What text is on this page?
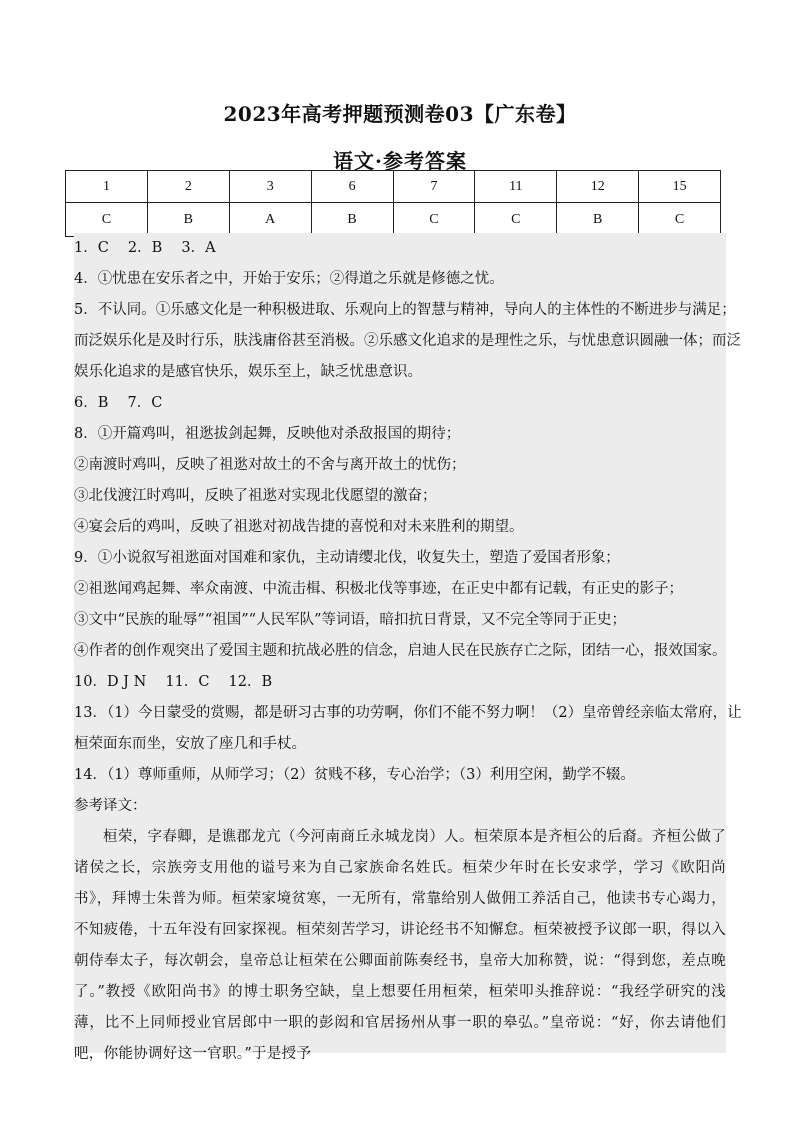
2023年高考押题预测卷03【广东卷】
语文·参考答案
1	2	3	6	7	11	12	15
C	B	A	B	C	C	B	C
1．C　 2．B　 3．A
4．①忧患在安乐者之中，开始于安乐；②得道之乐就是修德之忧。
5．不认同。①乐感文化是一种积极进取、乐观向上的智慧与精神，导向人的主体性的不断进步与满足；
而泛娱乐化是及时行乐，肤浅庸俗甚至消极。②乐感文化追求的是理性之乐，与忧患意识圆融一体；而泛
娱乐化追求的是感官快乐，娱乐至上，缺乏忧患意识。
6．B　 7．C
8．①开篇鸡叫，祖逖拔剑起舞，反映他对杀敌报国的期待；
②南渡时鸡叫，反映了祖逖对故土的不舍与离开故土的忧伤；
③北伐渡江时鸡叫，反映了祖逖对实现北伐愿望的激奋；
④宴会后的鸡叫，反映了祖逖对初战告捷的喜悦和对未来胜利的期望。
9．①小说叙写祖逖面对国难和家仇，主动请缨北伐，收复失土，塑造了爱国者形象；
②祖逖闻鸡起舞、率众南渡、中流击楫、积极北伐等事迹，在正史中都有记载，有正史的影子；
③文中“民族的耻辱”“祖国”“人民军队”等词语，暗扣抗日背景，又不完全等同于正史；
④作者的创作观突出了爱国主题和抗战必胜的信念，启迪人民在民族存亡之际，团结一心，报效国家。
10．D J N　 11．C　 12．B
13．（1）今日蒙受的赏赐，都是研习古事的功劳啊，你们不能不努力啊！（2）皇帝曾经亲临太常府，让
桓荣面东而坐，安放了座几和手杖。
14．（1）尊师重师，从师学习；（2）贫贱不移，专心治学；（3）利用空闲，勤学不辍。
参考译文：

桓荣，字春卿，是谯郡龙亢（今河南商丘永城龙岗）人。桓荣原本是齐桓公的后裔。齐桓公做了诸侯之长，宗族旁支用他的谥号来为自己家族命名姓氏。桓荣少年时在长安求学，学习《欧阳尚书》，拜博士朱普为师。桓荣家境贫寒，一无所有，常靠给别人做佣工养活自己，他读书专心竭力，不知疲倦，十五年没有回家探视。桓荣刻苦学习，讲论经书不知懈怠。桓荣被授予议郎一职，得以入朝侍奉太子，每次朝会，皇帝总让桓荣在公卿面前陈奏经书，皇帝大加称赞，说：“得到您，差点晚了。”教授《欧阳尚书》的博士职务空缺，皇上想要任用桓荣，桓荣叩头推辞说：“我经学研究的浅薄，比不上同师授业官居郎中一职的彭闳和官居扬州从事一职的皋弘。”皇帝说：“好，你去请他们吧，你能协调好这一官职。”于是授予
